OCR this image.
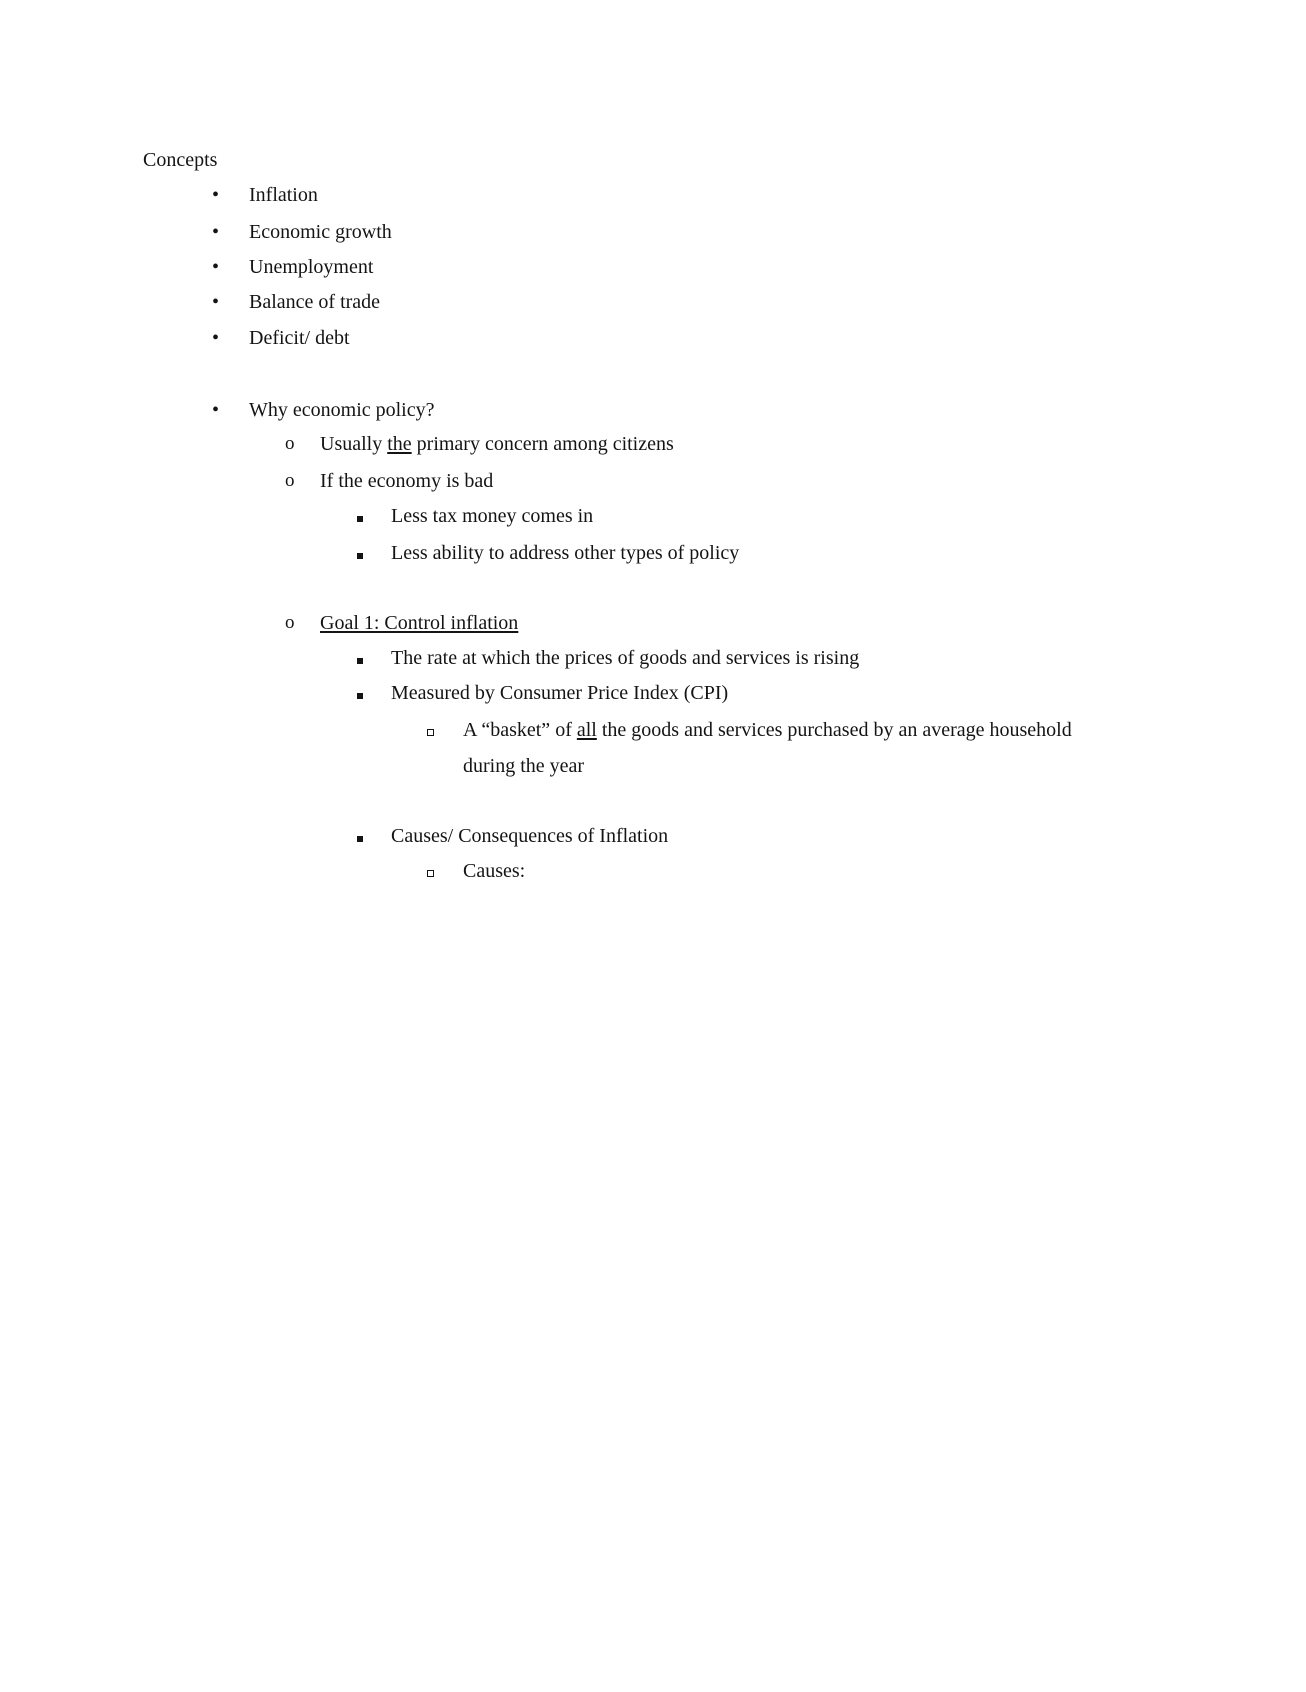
Concepts
• Inflation
• Economic growth
• Unemployment
• Balance of trade
• Deficit/ debt
• Why economic policy?
o Usually the primary concern among citizens
o If the economy is bad
Less tax money comes in
Less ability to address other types of policy
o Goal 1: Control inflation
The rate at which the prices of goods and services is rising
Measured by Consumer Price Index (CPI)
A “basket” of all the goods and services purchased by an average household
during the year
Causes/ Consequences of Inflation
Causes:
